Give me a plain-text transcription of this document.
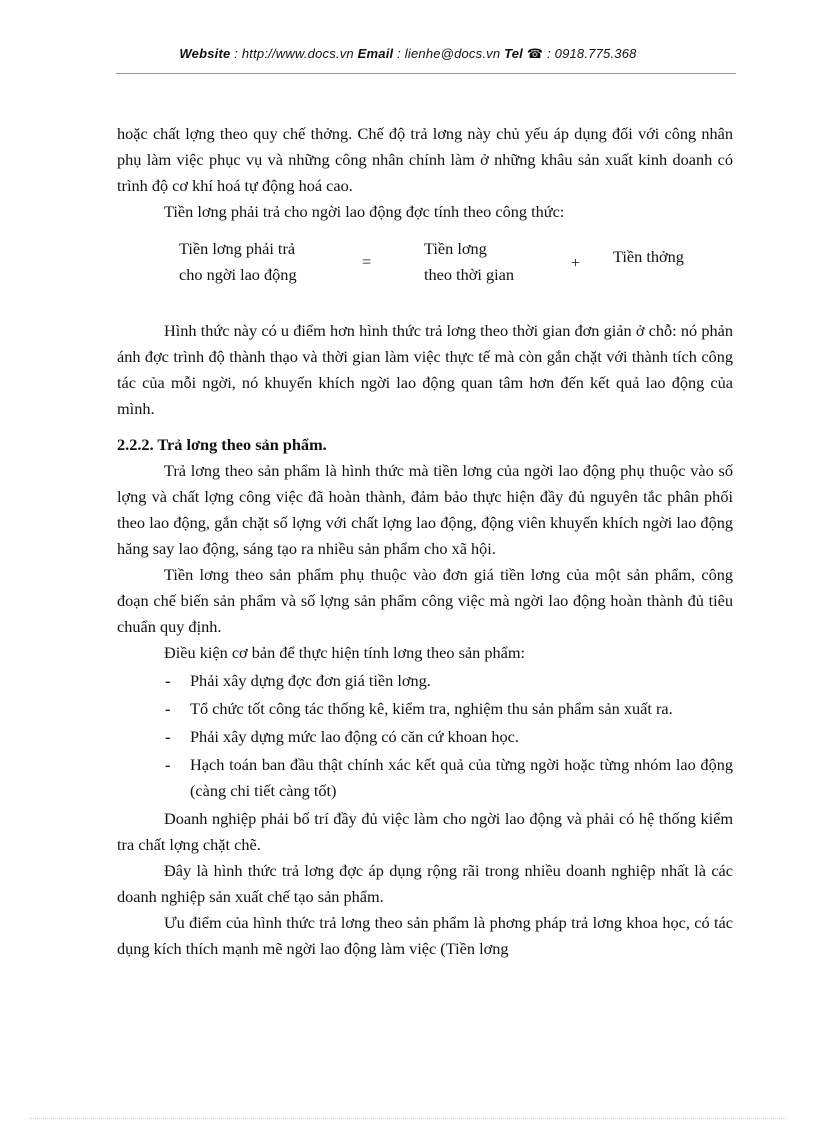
Website : http://www.docs.vn Email : lienhe@docs.vn Tel ☎ : 0918.775.368

hoặc chất lợng theo quy chế thởng. Chế độ trả lơng này chủ yếu áp dụng đối với công nhân phụ làm việc phục vụ và những công nhân chính làm ở những khâu sản xuất kinh doanh có trình độ cơ khí hoá tự động hoá cao.

Tiền lơng phải trả cho ngời lao động đợc tính theo công thức:

Tiền lơng phải trả
cho ngời lao động
=
Tiền lơng
theo thời gian
+ Tiền thởng

Hình thức này có u điểm hơn hình thức trả lơng theo thời gian đơn giản ở chỗ: nó phản ánh đợc trình độ thành thạo và thời gian làm việc thực tế mà còn gắn chặt với thành tích công tác của mỗi ngời, nó khuyến khích ngời lao động quan tâm hơn đến kết quả lao động của mình.

2.2.2. Trả lơng theo sản phẩm.

Trả lơng theo sản phẩm là hình thức mà tiền lơng của ngời lao động phụ thuộc vào số lợng và chất lợng công việc đã hoàn thành, đảm bảo thực hiện đầy đủ nguyên tắc phân phối theo lao động, gắn chặt số lợng với chất lợng lao động, động viên khuyến khích ngời lao động hăng say lao động, sáng tạo ra nhiều sản phẩm cho xã hội.

Tiền lơng theo sản phẩm phụ thuộc vào đơn giá tiền lơng của một sản phẩm, công đoạn chế biến sản phẩm và số lợng sản phẩm công việc mà ngời lao động hoàn thành đủ tiêu chuẩn quy định.

Điều kiện cơ bản để thực hiện tính lơng theo sản phẩm:

- Phải xây dựng đợc đơn giá tiền lơng.
- Tổ chức tốt công tác thống kê, kiểm tra, nghiệm thu sản phẩm sản xuất ra.
- Phải xây dựng mức lao động có căn cứ khoan học.
- Hạch toán ban đầu thật chính xác kết quả của từng ngời hoặc từng nhóm lao động (càng chi tiết càng tốt)

Doanh nghiệp phải bố trí đầy đủ việc làm cho ngời lao động và phải có hệ thống kiểm tra chất lợng chặt chẽ.

Đây là hình thức trả lơng đợc áp dụng rộng rãi trong nhiều doanh nghiệp nhất là các doanh nghiệp sản xuất chế tạo sản phẩm.

Ưu điểm của hình thức trả lơng theo sản phẩm là phơng pháp trả lơng khoa học, có tác dụng kích thích mạnh mẽ ngời lao động làm việc (Tiền lơng
